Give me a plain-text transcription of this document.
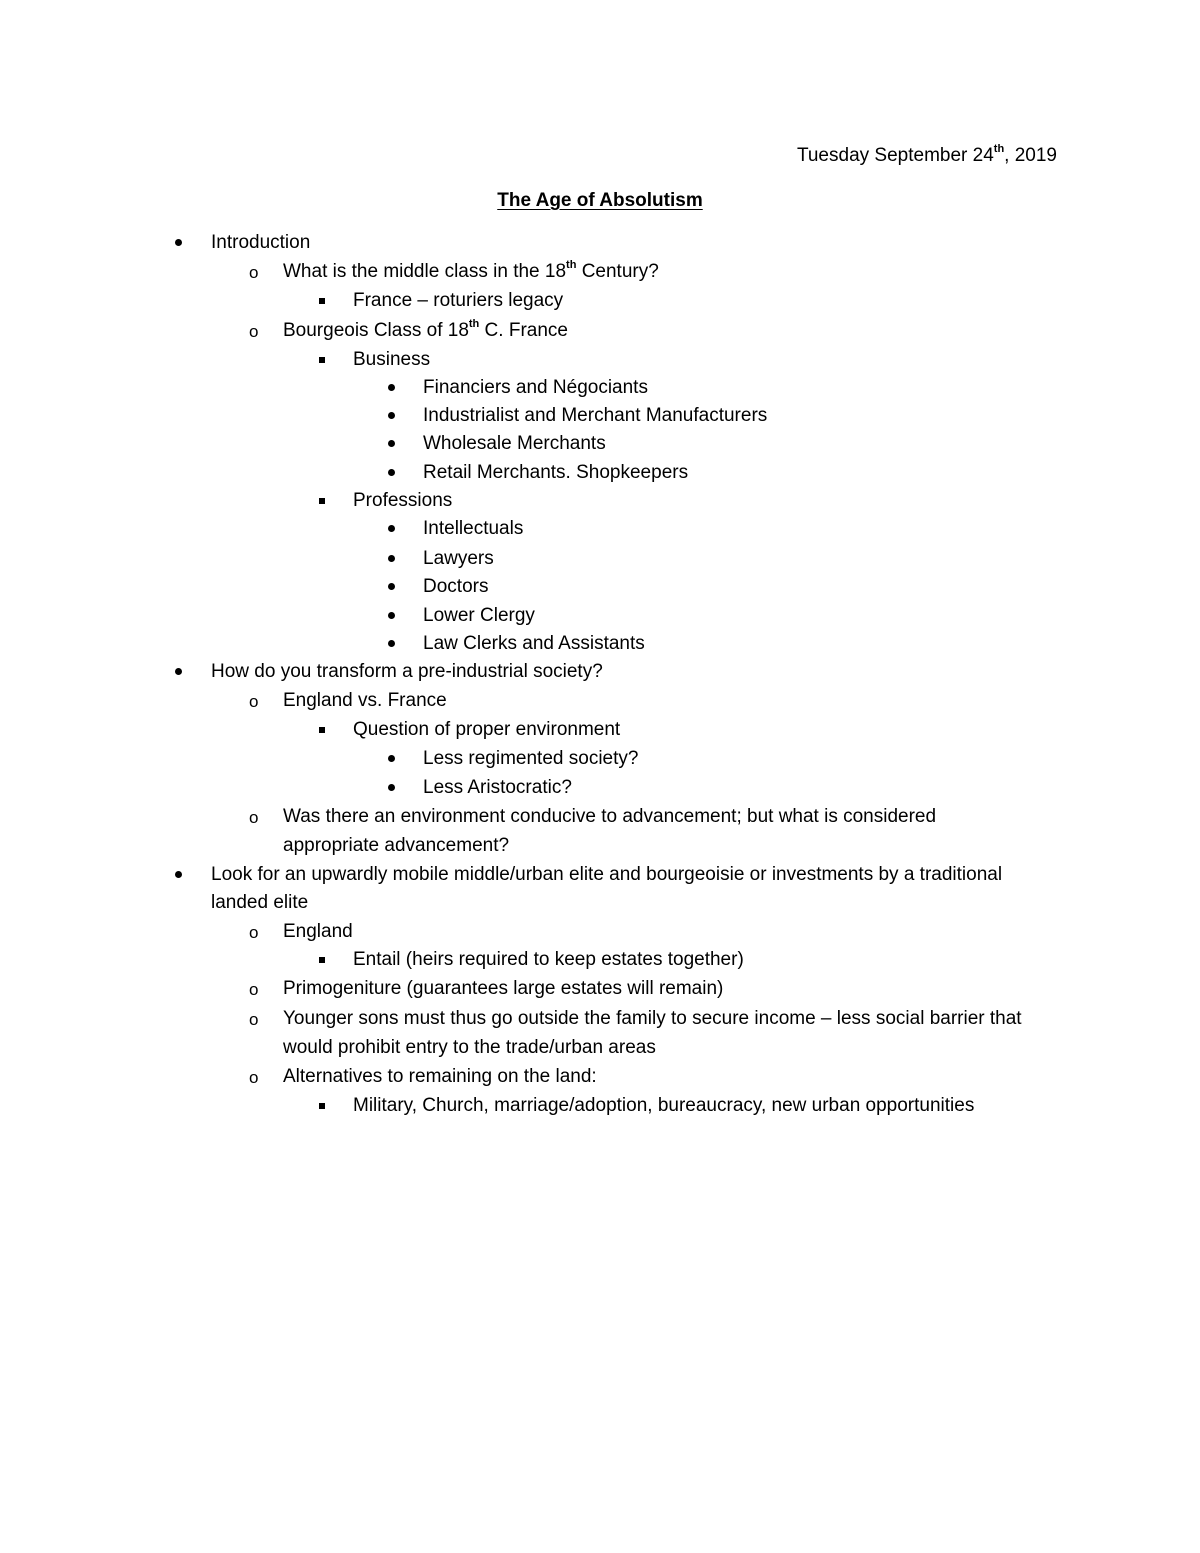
Tuesday September 24th, 2019
The Age of Absolutism
Introduction
o What is the middle class in the 18th Century?
France – roturiers legacy
o Bourgeois Class of 18th C. France
Business
Financiers and Négociants
Industrialist and Merchant Manufacturers
Wholesale Merchants
Retail Merchants. Shopkeepers
Professions
Intellectuals
Lawyers
Doctors
Lower Clergy
Law Clerks and Assistants
How do you transform a pre-industrial society?
o England vs. France
Question of proper environment
Less regimented society?
Less Aristocratic?
o Was there an environment conducive to advancement; but what is considered
appropriate advancement?
Look for an upwardly mobile middle/urban elite and bourgeoisie or investments by a traditional
landed elite
o England
Entail (heirs required to keep estates together)
o Primogeniture (guarantees large estates will remain)
o Younger sons must thus go outside the family to secure income – less social barrier that
would prohibit entry to the trade/urban areas
o Alternatives to remaining on the land:
Military, Church, marriage/adoption, bureaucracy, new urban opportunities
